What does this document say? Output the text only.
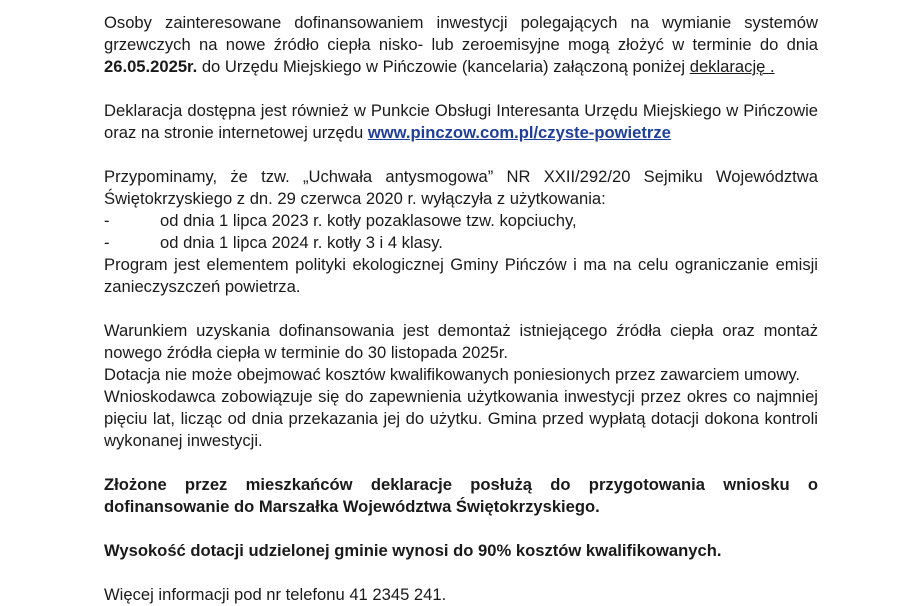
Osoby zainteresowane dofinansowaniem inwestycji polegających na wymianie systemów grzewczych na nowe źródło ciepła nisko- lub zeroemisyjne mogą złożyć w terminie do dnia 26.05.2025r. do Urzędu Miejskiego w Pińczowie (kancelaria) załączoną poniżej deklarację .

Deklaracja dostępna jest również w Punkcie Obsługi Interesanta Urzędu Miejskiego w Pińczowie oraz na stronie internetowej urzędu www.pinczow.com.pl/czyste-powietrze

Przypominamy, że tzw. „Uchwała antysmogowa” NR XXII/292/20 Sejmiku Województwa Świętokrzyskiego z dn. 29 czerwca 2020 r. wyłączyła z użytkowania:

-	od dnia 1 lipca 2023 r. kotły pozaklasowe tzw. kopciuchy,
-	od dnia 1 lipca 2024 r. kotły 3 i 4 klasy.

Program jest elementem polityki ekologicznej Gminy Pińczów i ma na celu ograniczanie emisji zanieczyszczeń powietrza.

Warunkiem uzyskania dofinansowania jest demontaż istniejącego źródła ciepła oraz montaż nowego źródła ciepła w terminie do 30 listopada 2025r.

Dotacja nie może obejmować kosztów kwalifikowanych poniesionych przez zawarciem umowy.

Wnioskodawca zobowiązuje się do zapewnienia użytkowania inwestycji przez okres co najmniej pięciu lat, licząc od dnia przekazania jej do użytku. Gmina przed wypłatą dotacji dokona kontroli wykonanej inwestycji.

Złożone przez mieszkańców deklaracje posłużą do przygotowania wniosku o dofinansowanie do Marszałka Województwa Świętokrzyskiego.

Wysokość dotacji udzielonej gminie wynosi do 90% kosztów kwalifikowanych.

Więcej informacji pod nr telefonu 41 2345 241.
